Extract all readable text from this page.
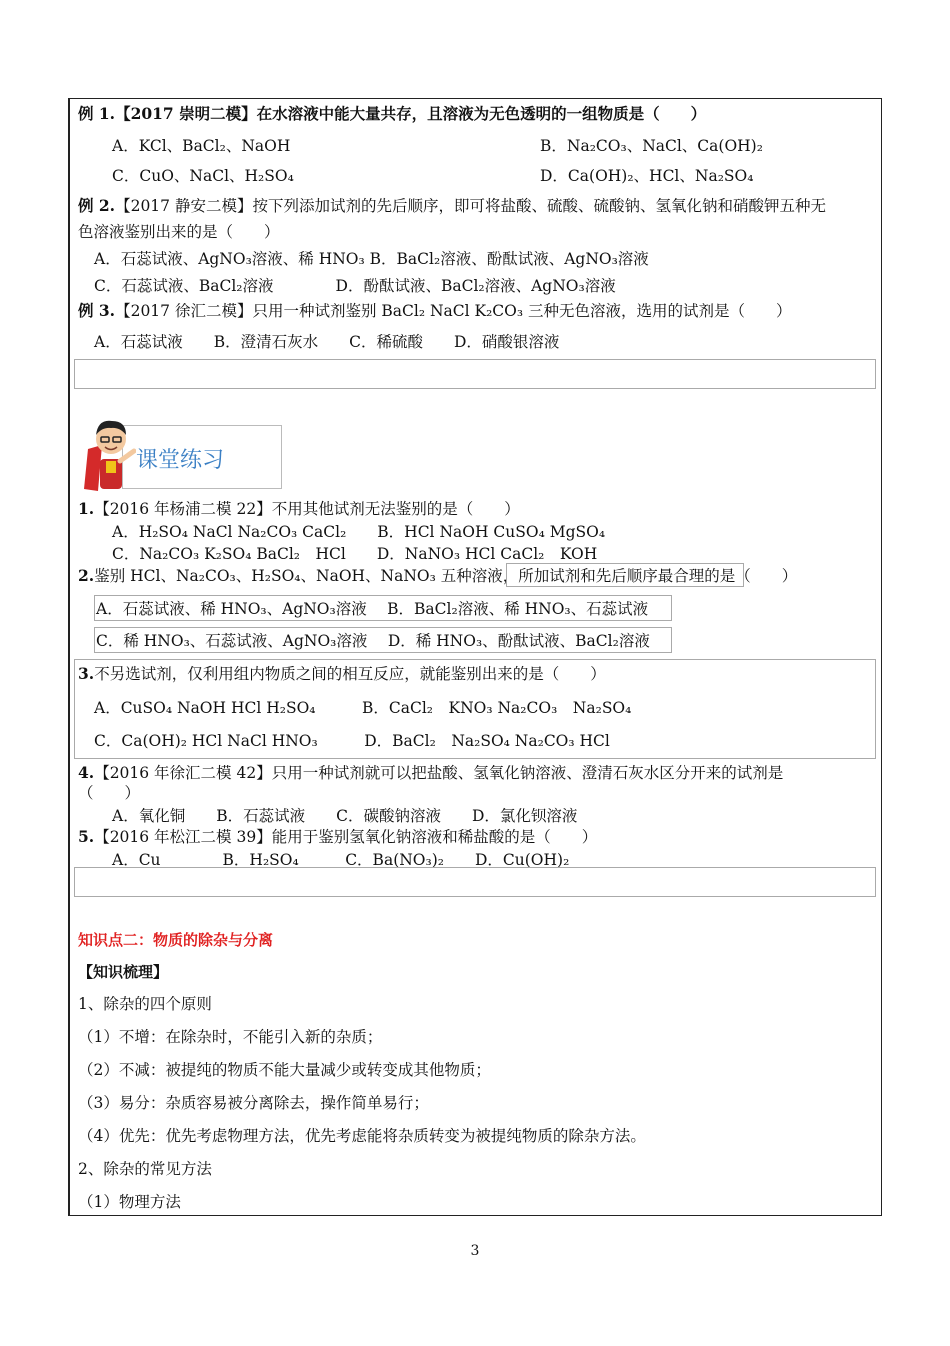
例 1.【2017 崇明二模】在水溶液中能大量共存，且溶液为无色透明的一组物质是（　　）
A．KCl、BaCl₂、NaOH	B．Na₂CO₃、NaCl、Ca(OH)₂
C．CuO、NaCl、H₂SO₄	D．Ca(OH)₂、HCl、Na₂SO₄
例 2.【2017 静安二模】按下列添加试剂的先后顺序，即可将盐酸、硫酸、硫酸钠、氢氧化钠和硝酸钾五种无
色溶液鉴别出来的是（　　）
A．石蕊试液、AgNO₃溶液、稀 HNO₃ B．BaCl₂溶液、酚酞试液、AgNO₃溶液
C．石蕊试液、BaCl₂溶液　　　　D．酚酞试液、BaCl₂溶液、AgNO₃溶液
例 3.【2017 徐汇二模】只用一种试剂鉴别 BaCl₂ NaCl K₂CO₃ 三种无色溶液，选用的试剂是（　　）
A．石蕊试液　　B．澄清石灰水　　C．稀硫酸　　D．硝酸银溶液
课堂练习
1.【2016 年杨浦二模 22】不用其他试剂无法鉴别的是（　　）
A．H₂SO₄ NaCl Na₂CO₃ CaCl₂　　B．HCl NaOH CuSO₄ MgSO₄
C．Na₂CO₃ K₂SO₄ BaCl₂　HCl　　D．NaNO₃ HCl CaCl₂　KOH
2.鉴别 HCl、Na₂CO₃、H₂SO₄、NaOH、NaNO₃ 五种溶液，所加试剂和先后顺序最合理的是（　　）
A．石蕊试液、稀 HNO₃、AgNO₃溶液　 B．BaCl₂溶液、稀 HNO₃、石蕊试液
C．稀 HNO₃、石蕊试液、AgNO₃溶液　 D．稀 HNO₃、酚酞试液、BaCl₂溶液
3.不另选试剂，仅利用组内物质之间的相互反应，就能鉴别出来的是（　　）
A．CuSO₄ NaOH HCl H₂SO₄　　　B．CaCl₂　KNO₃ Na₂CO₃　Na₂SO₄
C．Ca(OH)₂ HCl NaCl HNO₃　　　D．BaCl₂　Na₂SO₄ Na₂CO₃ HCl
4.【2016 年徐汇二模 42】只用一种试剂就可以把盐酸、氢氧化钠溶液、澄清石灰水区分开来的试剂是
（　　）
A．氧化铜　　B．石蕊试液　　C．碳酸钠溶液　　D．氯化钡溶液
5.【2016 年松江二模 39】能用于鉴别氢氧化钠溶液和稀盐酸的是（　　）
A．Cu　　　　B．H₂SO₄　　　C．Ba(NO₃)₂　　D．Cu(OH)₂
知识点二：物质的除杂与分离
【知识梳理】
1、除杂的四个原则
（1）不增：在除杂时，不能引入新的杂质；
（2）不减：被提纯的物质不能大量减少或转变成其他物质；
（3）易分：杂质容易被分离除去，操作简单易行；
（4）优先：优先考虑物理方法，优先考虑能将杂质转变为被提纯物质的除杂方法。
2、除杂的常见方法
（1）物理方法
3
